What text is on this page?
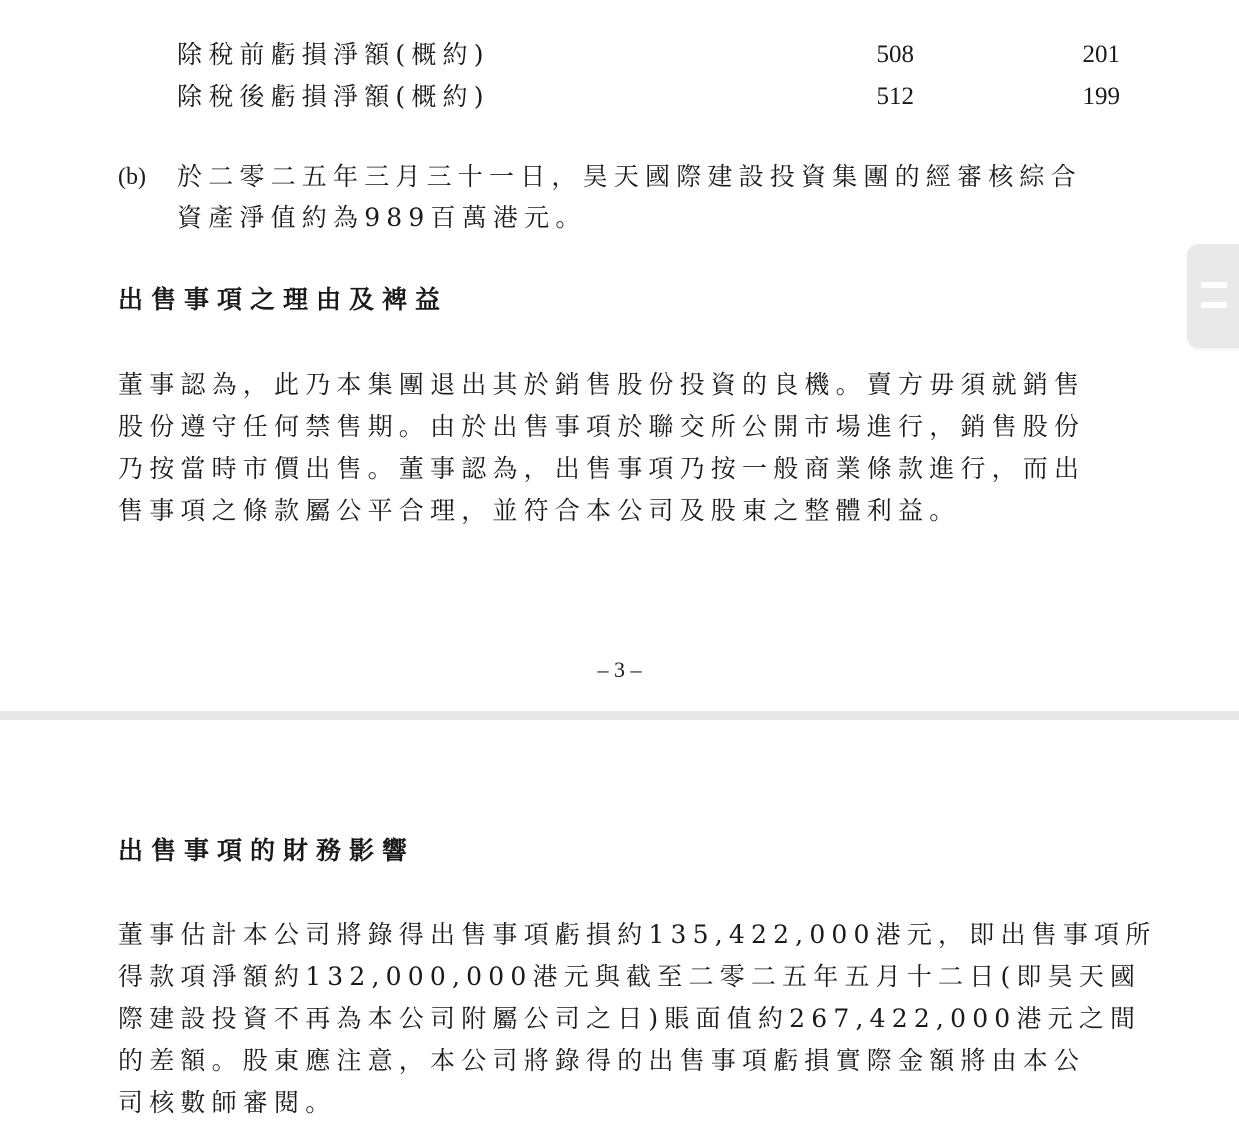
除稅前虧損淨額(概約)	508	201
除稅後虧損淨額(概約)	512	199
(b) 於二零二五年三月三十一日，昊天國際建設投資集團的經審核綜合
資產淨值約為989百萬港元。
出售事項之理由及裨益
董事認為，此乃本集團退出其於銷售股份投資的良機。賣方毋須就銷售
股份遵守任何禁售期。由於出售事項於聯交所公開市場進行，銷售股份
乃按當時市價出售。董事認為，出售事項乃按一般商業條款進行，而出
售事項之條款屬公平合理，並符合本公司及股東之整體利益。
– 3 –
出售事項的財務影響
董事估計本公司將錄得出售事項虧損約135,422,000港元，即出售事項所
得款項淨額約132,000,000港元與截至二零二五年五月十二日(即昊天國
際建設投資不再為本公司附屬公司之日)賬面值約267,422,000港元之間
的差額。股東應注意，本公司將錄得的出售事項虧損實際金額將由本公
司核數師審閱。
